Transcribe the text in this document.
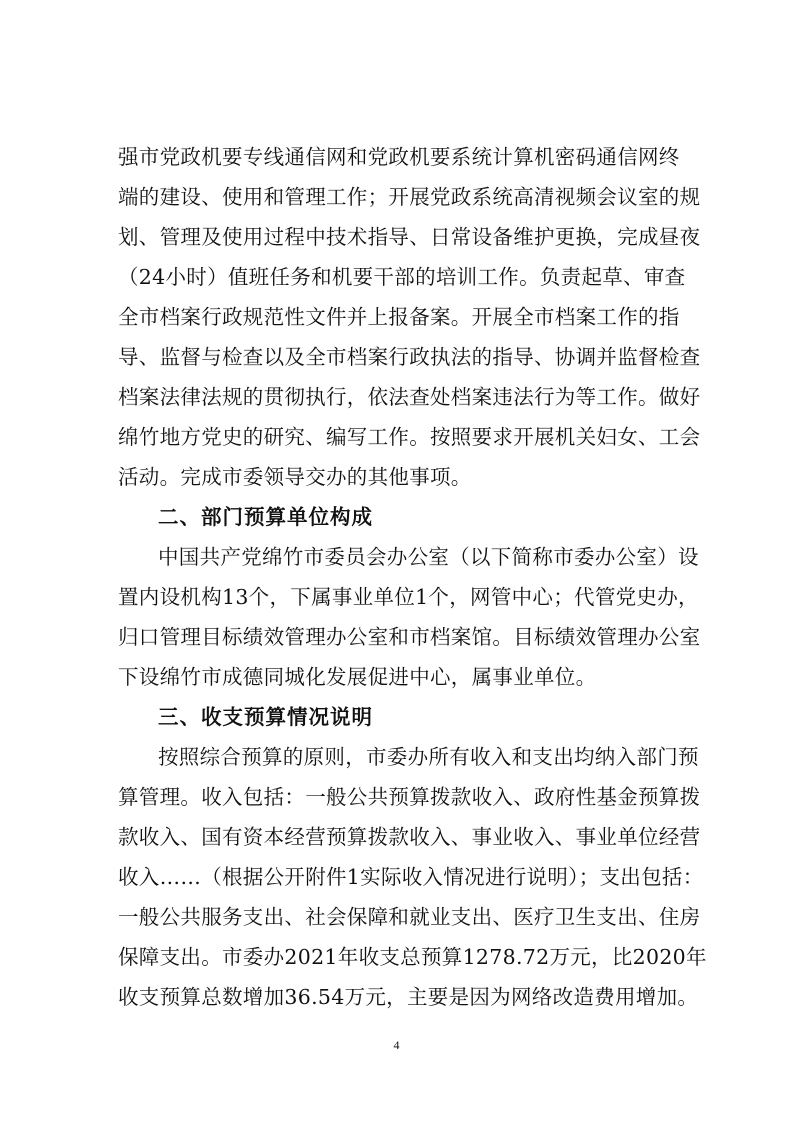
强市党政机要专线通信网和党政机要系统计算机密码通信网终
端的建设、使用和管理工作；开展党政系统高清视频会议室的规
划、管理及使用过程中技术指导、日常设备维护更换，完成昼夜
（24小时）值班任务和机要干部的培训工作。负责起草、审查
全市档案行政规范性文件并上报备案。开展全市档案工作的指
导、监督与检查以及全市档案行政执法的指导、协调并监督检查
档案法律法规的贯彻执行，依法查处档案违法行为等工作。做好
绵竹地方党史的研究、编写工作。按照要求开展机关妇女、工会
活动。完成市委领导交办的其他事项。
二、部门预算单位构成
中国共产党绵竹市委员会办公室（以下简称市委办公室）设
置内设机构13个，下属事业单位1个，网管中心；代管党史办，
归口管理目标绩效管理办公室和市档案馆。目标绩效管理办公室
下设绵竹市成德同城化发展促进中心，属事业单位。
三、收支预算情况说明
按照综合预算的原则，市委办所有收入和支出均纳入部门预
算管理。收入包括：一般公共预算拨款收入、政府性基金预算拨
款收入、国有资本经营预算拨款收入、事业收入、事业单位经营
收入……（根据公开附件1实际收入情况进行说明）；支出包括：
一般公共服务支出、社会保障和就业支出、医疗卫生支出、住房
保障支出。市委办2021年收支总预算1278.72万元，比2020年
收支预算总数增加36.54万元，主要是因为网络改造费用增加。
4
